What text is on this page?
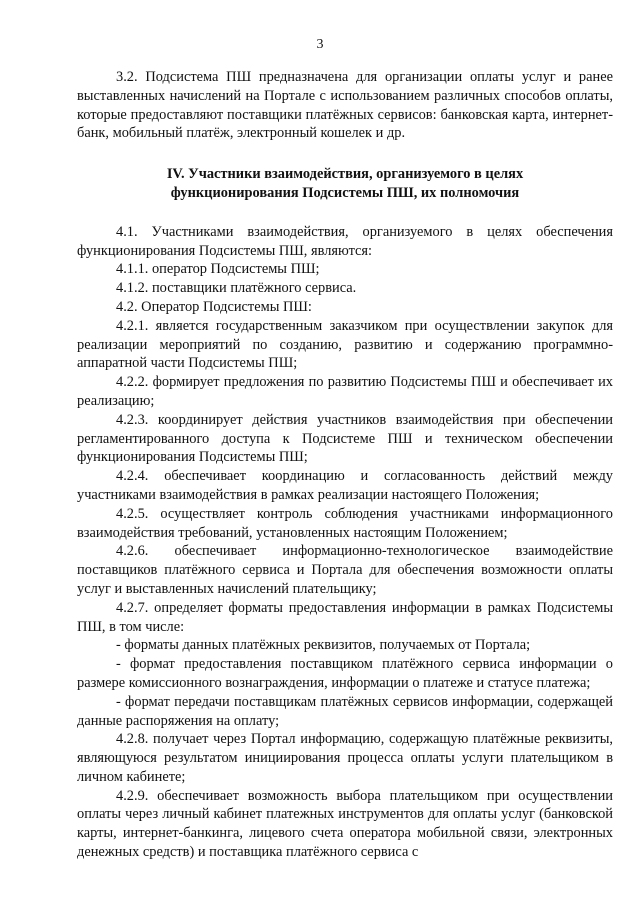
3

3.2. Подсистема ПШ предназначена для организации оплаты услуг и ранее выставленных начислений на Портале с использованием различных способов оплаты, которые предоставляют поставщики платёжных сервисов: банковская карта, интернет-банк, мобильный платёж, электронный кошелек и др.

IV. Участники взаимодействия, организуемого в целях
функционирования Подсистемы ПШ, их полномочия

4.1. Участниками взаимодействия, организуемого в целях обеспечения функционирования Подсистемы ПШ, являются:

4.1.1. оператор Подсистемы ПШ;

4.1.2. поставщики платёжного сервиса.

4.2. Оператор Подсистемы ПШ:

4.2.1. является государственным заказчиком при осуществлении закупок для реализации мероприятий по созданию, развитию и содержанию программно-аппаратной части Подсистемы ПШ;

4.2.2. формирует предложения по развитию Подсистемы ПШ и обеспечивает их реализацию;

4.2.3. координирует действия участников взаимодействия при обеспечении регламентированного доступа к Подсистеме ПШ и техническом обеспечении функционирования Подсистемы ПШ;

4.2.4. обеспечивает координацию и согласованность действий между участниками взаимодействия в рамках реализации настоящего Положения;

4.2.5. осуществляет контроль соблюдения участниками информационного взаимодействия требований, установленных настоящим Положением;

4.2.6. обеспечивает информационно-технологическое взаимодействие поставщиков платёжного сервиса и Портала для обеспечения возможности оплаты услуг и выставленных начислений плательщику;

4.2.7. определяет форматы предоставления информации в рамках Подсистемы ПШ, в том числе:

- форматы данных платёжных реквизитов, получаемых от Портала;

- формат предоставления поставщиком платёжного сервиса информации о размере комиссионного вознаграждения, информации о платеже и статусе платежа;

- формат передачи поставщикам платёжных сервисов информации, содержащей данные распоряжения на оплату;

4.2.8. получает через Портал информацию, содержащую платёжные реквизиты, являющуюся результатом инициирования процесса оплаты услуги плательщиком в личном кабинете;

4.2.9. обеспечивает возможность выбора плательщиком при осуществлении оплаты через личный кабинет платежных инструментов для оплаты услуг (банковской карты, интернет-банкинга, лицевого счета оператора мобильной связи, электронных денежных средств) и поставщика платёжного сервиса с
